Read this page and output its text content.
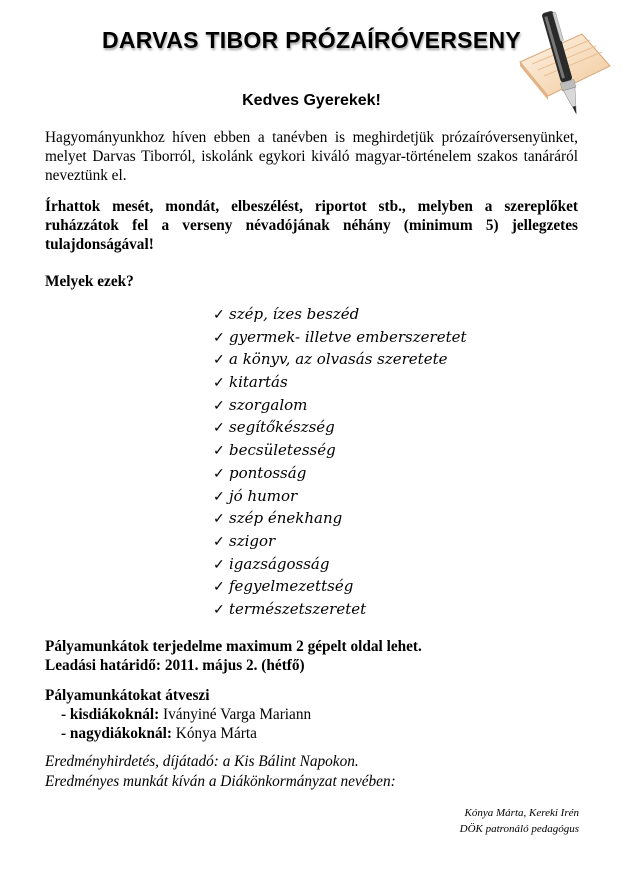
DARVAS TIBOR PRÓZAÍRÓVERSENY
Kedves Gyerekek!
Hagyományunkhoz híven ebben a tanévben is meghirdetjük prózaíróversenyünket, melyet Darvas Tiborról, iskolánk egykori kiváló magyar-történelem szakos tanáráról neveztünk el.
Írhattok mesét, mondát, elbeszélést, riportot stb., melyben a szereplőket ruházzátok fel a verseny névadójának néhány (minimum 5) jellegzetes tulajdonságával!
Melyek ezek?
✓ szép, ízes beszéd
✓ gyermek- illetve emberszeretet
✓ a könyv, az olvasás szeretete
✓ kitartás
✓ szorgalom
✓ segítőkészség
✓ becsületesség
✓ pontosság
✓ jó humor
✓ szép énekhang
✓ szigor
✓ igazságosság
✓ fegyelmezettség
✓ természetszeretet
Pályamunkátok terjedelme maximum 2 gépelt oldal lehet.
Leadási határidő: 2011. május 2. (hétfő)
Pályamunkátokat átveszi
- kisdiákoknál: Iványiné Varga Mariann
- nagydiákoknál: Kónya Márta
Eredményhirdetés, díjátadó: a Kis Bálint Napokon.
Eredményes munkát kíván a Diákönkormányzat nevében:
Kónya Márta, Kereki Irén
DÖK patronáló pedagógus
